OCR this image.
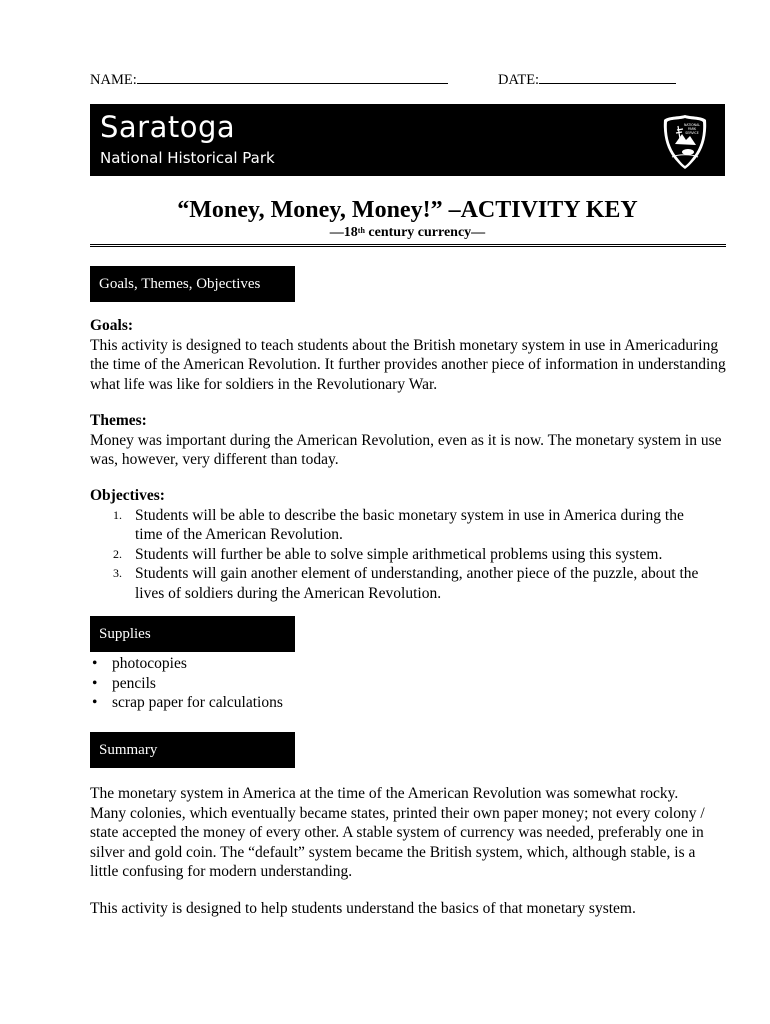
NAME:	DATE:
Saratoga
National Historical Park
NATIONAL
PARK
SERVICE
“Money, Money, Money!” –ACTIVITY KEY
—18th century currency—
Goals, Themes, Objectives
Goals:
This activity is designed to teach students about the British monetary system in use in Americaduring the time of the American Revolution. It further provides another piece of information in understanding what life was like for soldiers in the Revolutionary War.
Themes:
Money was important during the American Revolution, even as it is now. The monetary system in use was, however, very different than today.
Objectives:
Students will be able to describe the basic monetary system in use in America during the time of the American Revolution.
Students will further be able to solve simple arithmetical problems using this system.
Students will gain another element of understanding, another piece of the puzzle, about the lives of soldiers during the American Revolution.
Supplies
• photocopies
• pencils
• scrap paper for calculations
Summary
The monetary system in America at the time of the American Revolution was somewhat rocky. Many colonies, which eventually became states, printed their own paper money; not every colony / state accepted the money of every other. A stable system of currency was needed, preferably one in silver and gold coin. The “default” system became the British system, which, although stable, is a little confusing for modern understanding.
This activity is designed to help students understand the basics of that monetary system.
